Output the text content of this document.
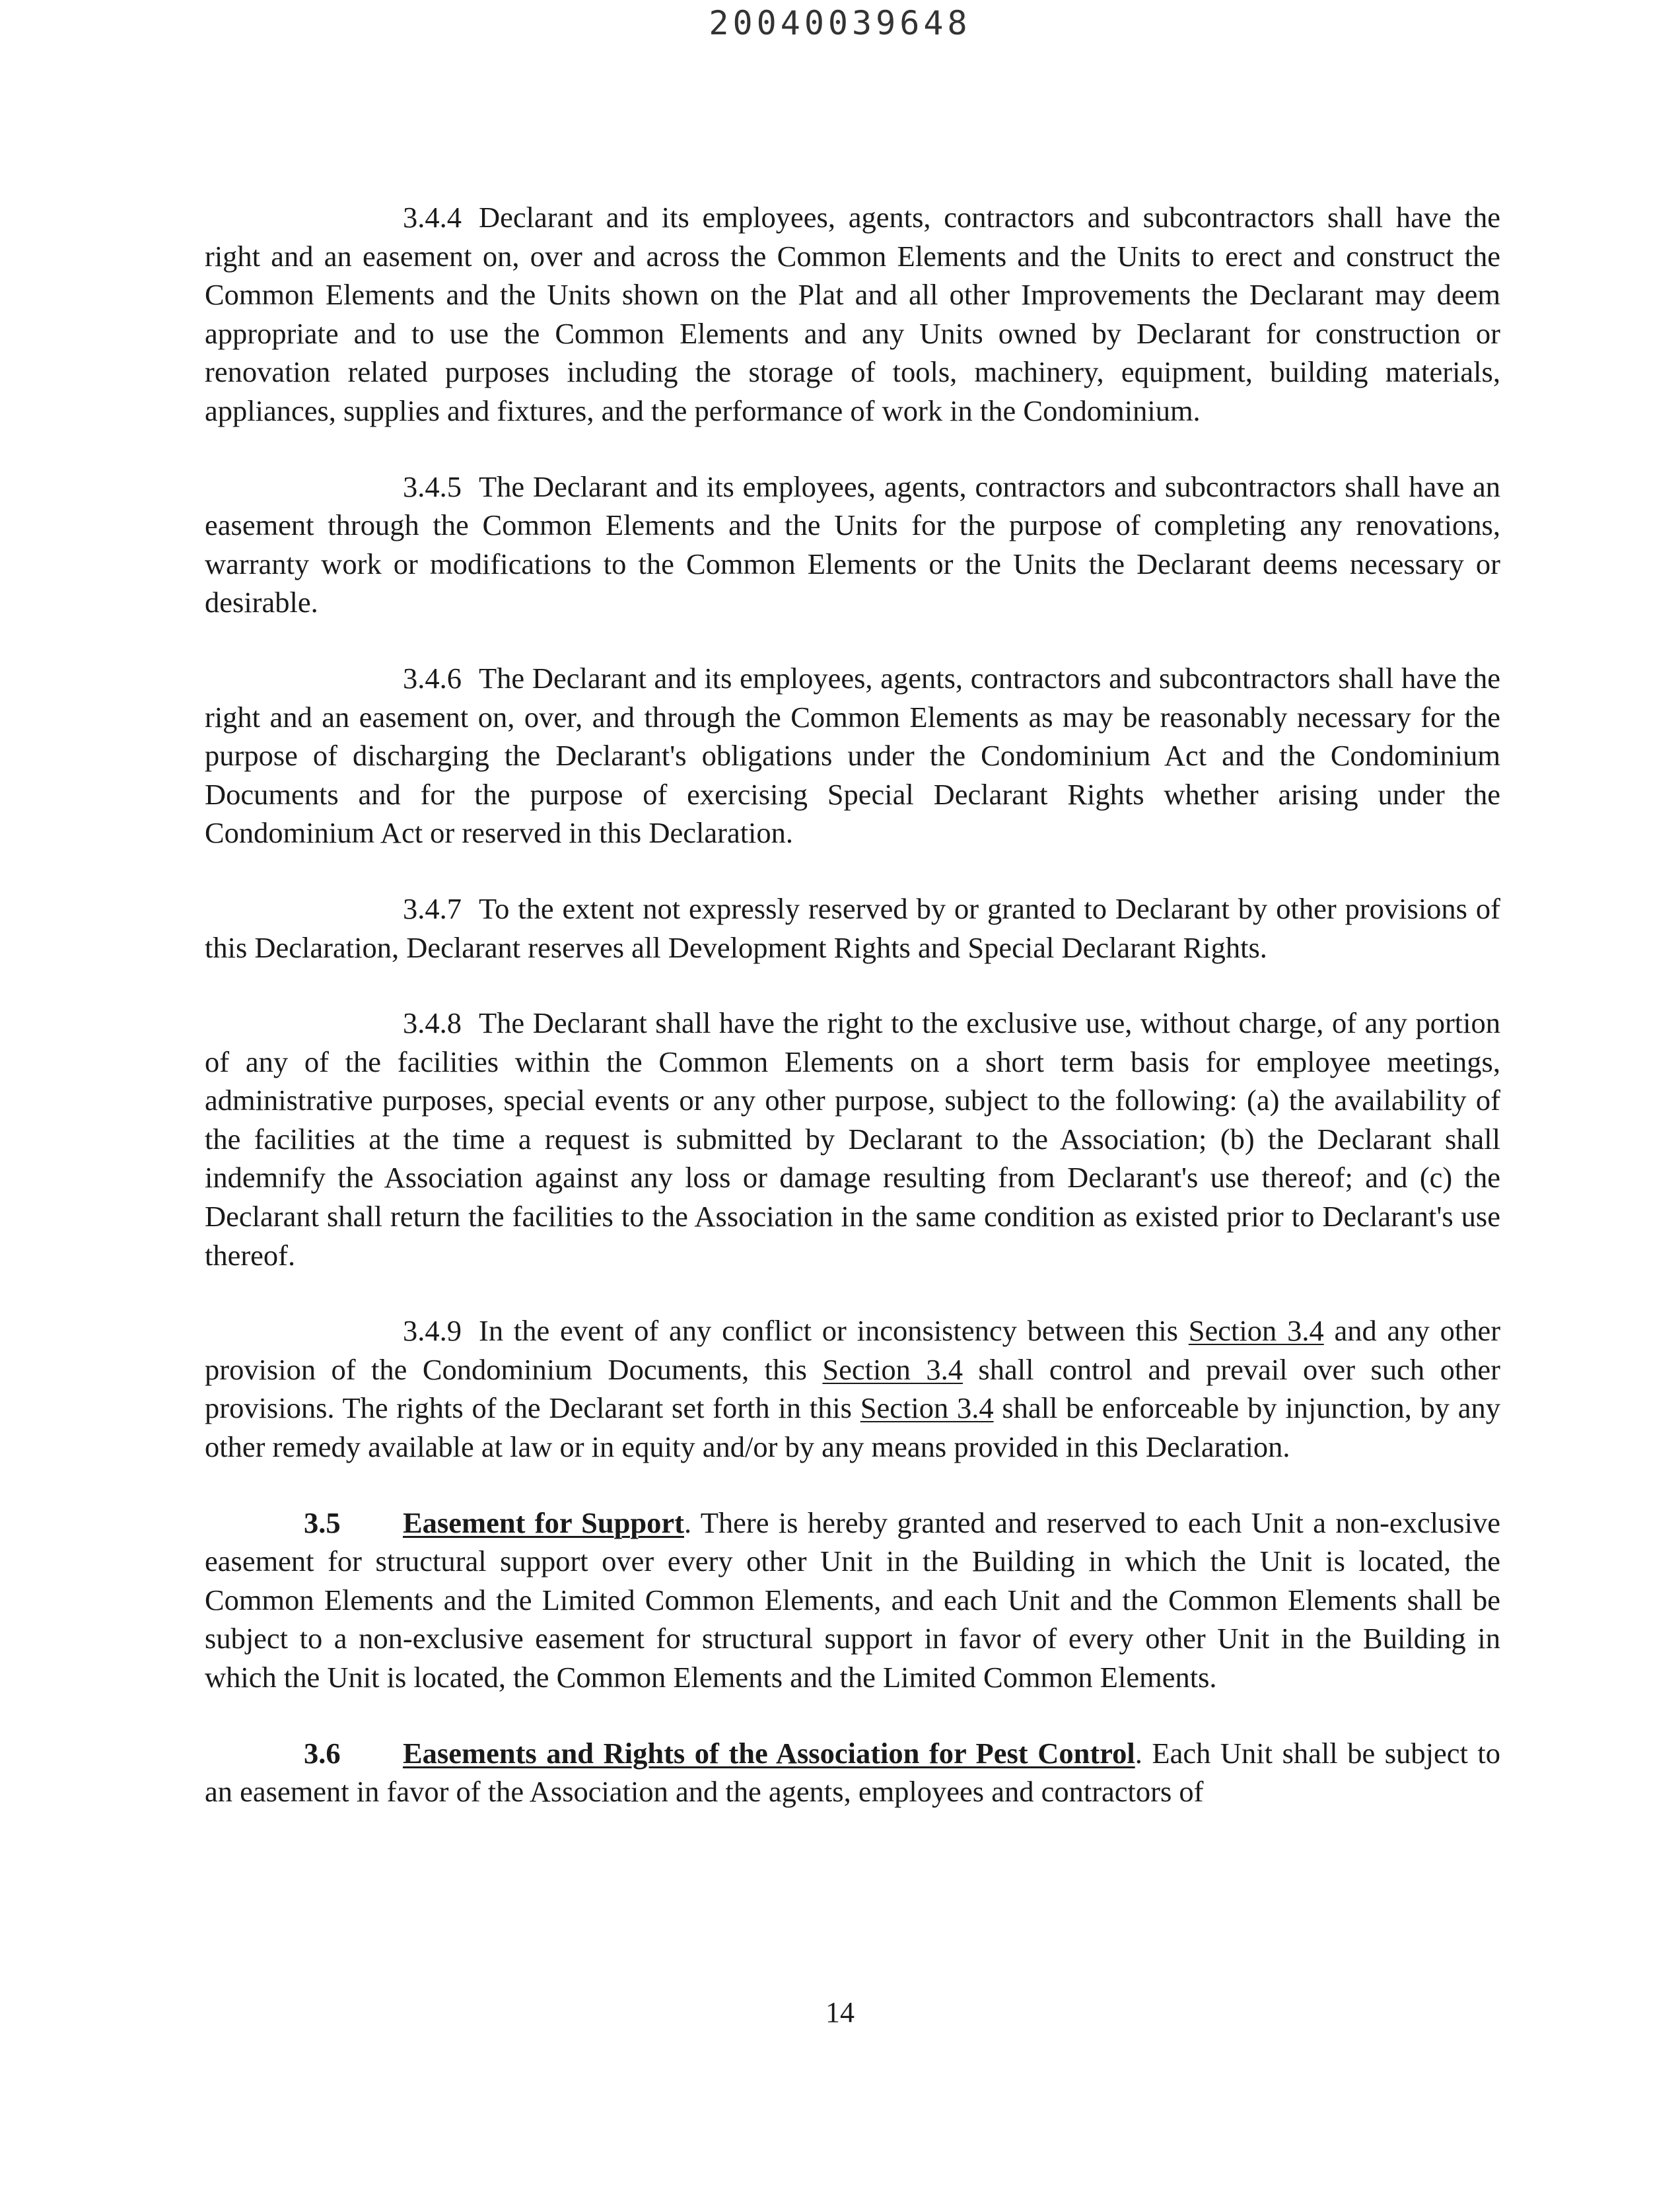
20040039648

3.4.4 Declarant and its employees, agents, contractors and subcontractors shall have the right and an easement on, over and across the Common Elements and the Units to erect and construct the Common Elements and the Units shown on the Plat and all other Improvements the Declarant may deem appropriate and to use the Common Elements and any Units owned by Declarant for construction or renovation related purposes including the storage of tools, machinery, equipment, building materials, appliances, supplies and fixtures, and the performance of work in the Condominium.

3.4.5 The Declarant and its employees, agents, contractors and subcontractors shall have an easement through the Common Elements and the Units for the purpose of completing any renovations, warranty work or modifications to the Common Elements or the Units the Declarant deems necessary or desirable.

3.4.6 The Declarant and its employees, agents, contractors and subcontractors shall have the right and an easement on, over, and through the Common Elements as may be reasonably necessary for the purpose of discharging the Declarant's obligations under the Condominium Act and the Condominium Documents and for the purpose of exercising Special Declarant Rights whether arising under the Condominium Act or reserved in this Declaration.

3.4.7 To the extent not expressly reserved by or granted to Declarant by other provisions of this Declaration, Declarant reserves all Development Rights and Special Declarant Rights.

3.4.8 The Declarant shall have the right to the exclusive use, without charge, of any portion of any of the facilities within the Common Elements on a short term basis for employee meetings, administrative purposes, special events or any other purpose, subject to the following: (a) the availability of the facilities at the time a request is submitted by Declarant to the Association; (b) the Declarant shall indemnify the Association against any loss or damage resulting from Declarant's use thereof; and (c) the Declarant shall return the facilities to the Association in the same condition as existed prior to Declarant's use thereof.

3.4.9 In the event of any conflict or inconsistency between this Section 3.4 and any other provision of the Condominium Documents, this Section 3.4 shall control and prevail over such other provisions. The rights of the Declarant set forth in this Section 3.4 shall be enforceable by injunction, by any other remedy available at law or in equity and/or by any means provided in this Declaration.

3.5 Easement for Support. There is hereby granted and reserved to each Unit a non-exclusive easement for structural support over every other Unit in the Building in which the Unit is located, the Common Elements and the Limited Common Elements, and each Unit and the Common Elements shall be subject to a non-exclusive easement for structural support in favor of every other Unit in the Building in which the Unit is located, the Common Elements and the Limited Common Elements.

3.6 Easements and Rights of the Association for Pest Control. Each Unit shall be subject to an easement in favor of the Association and the agents, employees and contractors of

14
